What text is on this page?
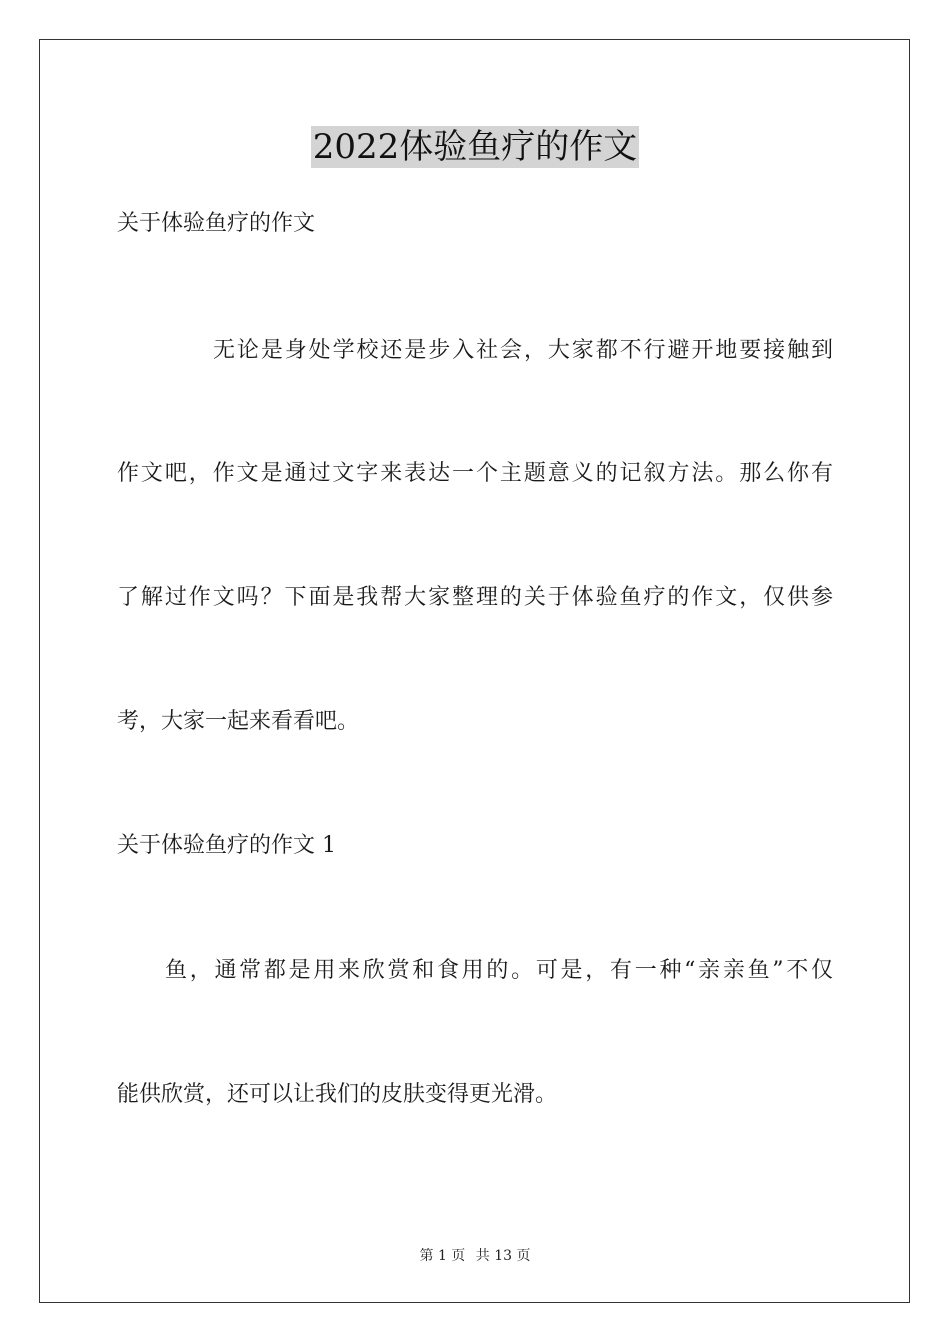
2022体验鱼疗的作文
关于体验鱼疗的作文
无论是身处学校还是步入社会，大家都不行避开地要接触到
作文吧，作文是通过文字来表达一个主题意义的记叙方法。那么你有
了解过作文吗？下面是我帮大家整理的关于体验鱼疗的作文，仅供参
考，大家一起来看看吧。
关于体验鱼疗的作文 1
鱼，通常都是用来欣赏和食用的。可是，有一种“亲亲鱼”不仅
能供欣赏，还可以让我们的皮肤变得更光滑。
第 1 页 共 13 页
